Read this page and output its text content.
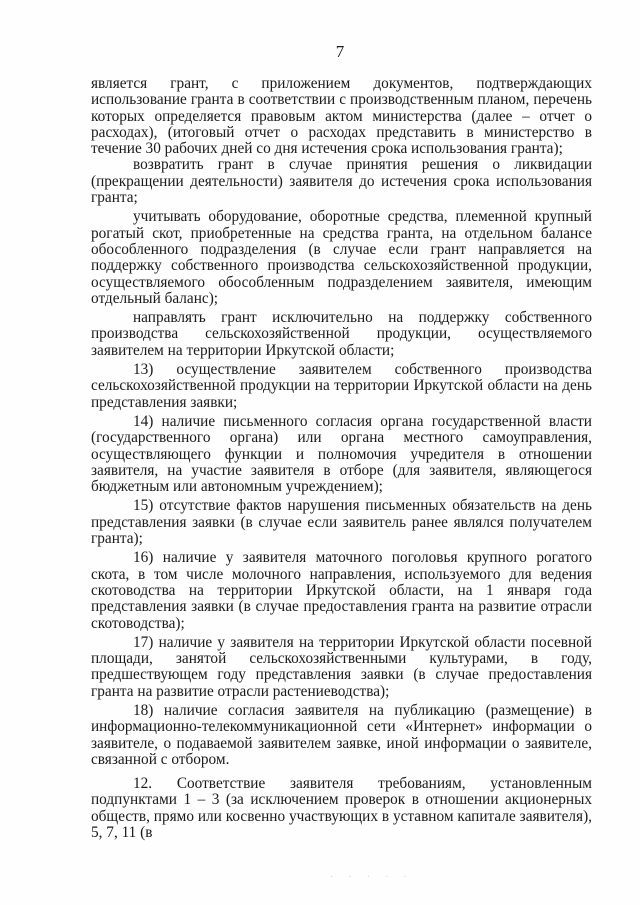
7

является грант, с приложением документов, подтверждающих использование гранта в соответствии с производственным планом, перечень которых определяется правовым актом министерства (далее – отчет о расходах), (итоговый отчет о расходах представить в министерство в течение 30 рабочих дней со дня истечения срока использования гранта);

возвратить грант в случае принятия решения о ликвидации (прекращении деятельности) заявителя до истечения срока использования гранта;

учитывать оборудование, оборотные средства, племенной крупный рогатый скот, приобретенные на средства гранта, на отдельном балансе обособленного подразделения (в случае если грант направляется на поддержку собственного производства сельскохозяйственной продукции, осуществляемого обособленным подразделением заявителя, имеющим отдельный баланс);

направлять грант исключительно на поддержку собственного производства сельскохозяйственной продукции, осуществляемого заявителем на территории Иркутской области;

13) осуществление заявителем собственного производства сельскохозяйственной продукции на территории Иркутской области на день представления заявки;

14) наличие письменного согласия органа государственной власти (государственного органа) или органа местного самоуправления, осуществляющего функции и полномочия учредителя в отношении заявителя, на участие заявителя в отборе (для заявителя, являющегося бюджетным или автономным учреждением);

15) отсутствие фактов нарушения письменных обязательств на день представления заявки (в случае если заявитель ранее являлся получателем гранта);

16) наличие у заявителя маточного поголовья крупного рогатого скота, в том числе молочного направления, используемого для ведения скотоводства на территории Иркутской области, на 1 января года представления заявки (в случае предоставления гранта на развитие отрасли скотоводства);

17) наличие у заявителя на территории Иркутской области посевной площади, занятой сельскохозяйственными культурами, в году, предшествующем году представления заявки (в случае предоставления гранта на развитие отрасли растениеводства);

18) наличие согласия заявителя на публикацию (размещение) в информационно-телекоммуникационной сети «Интернет» информации о заявителе, о подаваемой заявителем заявке, иной информации о заявителе, связанной с отбором.

12. Соответствие заявителя требованиям, установленным подпунктами 1 – 3 (за исключением проверок в отношении акционерных обществ, прямо или косвенно участвующих в уставном капитале заявителя), 5, 7, 11 (в

· · · · ·
